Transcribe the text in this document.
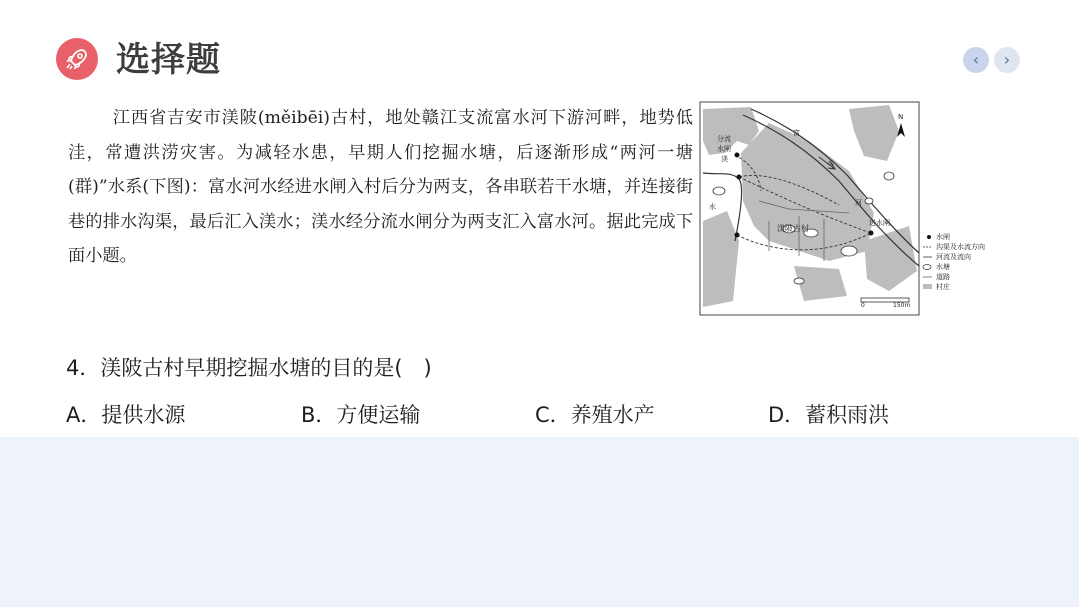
选择题	‹ ›

江西省吉安市渼陂(měibēi)古村，地处赣江支流富水河下游河畔，地势低洼，常遭洪涝灾害。为减轻水患，早期人们挖掘水塘，后逐渐形成“两河一塘(群)”水系(下图)：富水河水经进水闸入村后分为两支，各串联若干水塘，并连接街巷的排水沟渠，最后汇入渼水；渼水经分流水闸分为两支汇入富水河。据此完成下面小题。

N
分流
水闸
渼
富
水
河
水
渼陂古村
进水闸
0	150m
水闸
沟渠及水流方向
河流及流向
水塘
道路
村庄
4．渼陂古村早期挖掘水塘的目的是(　)
A．提供水源	B．方便运输	C．养殖水产	D．蓄积雨洪
